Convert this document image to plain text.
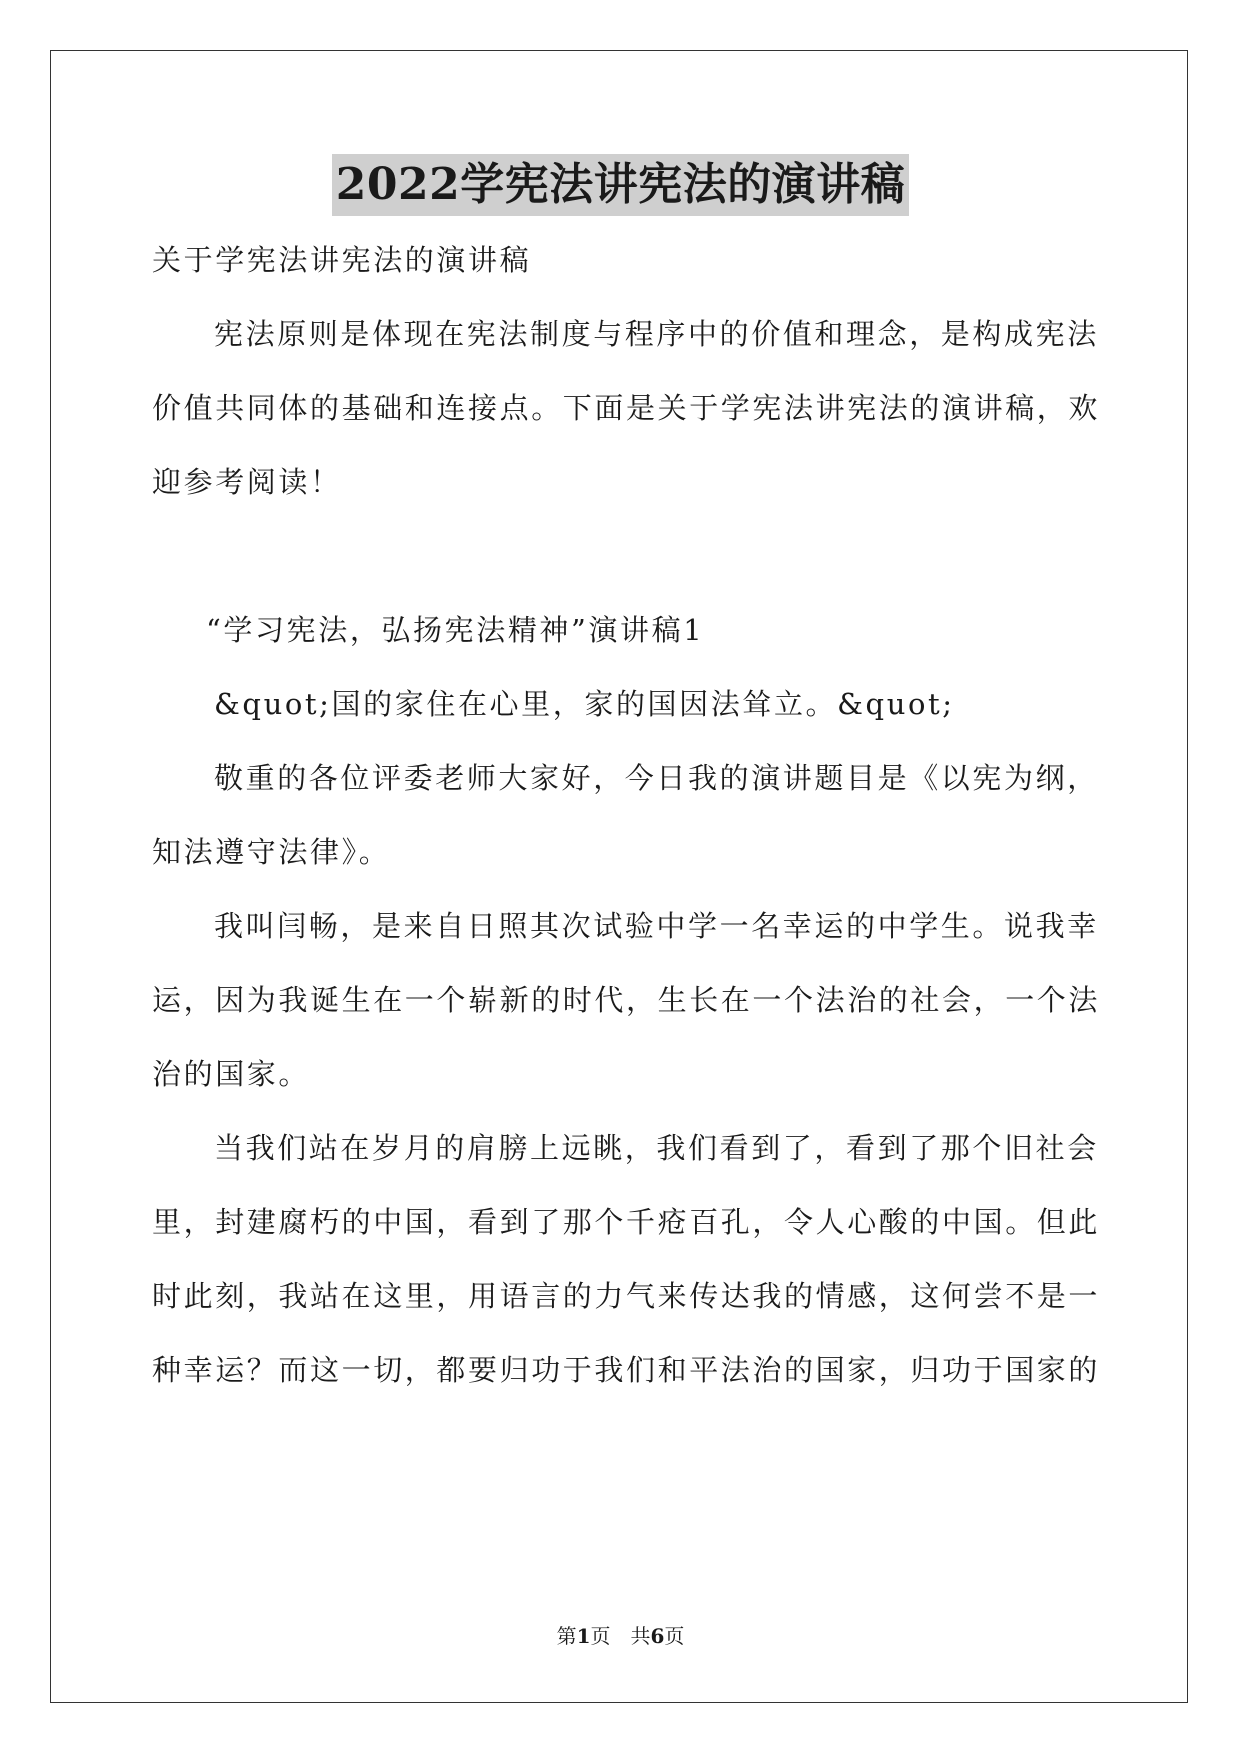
2022学宪法讲宪法的演讲稿
关于学宪法讲宪法的演讲稿
宪法原则是体现在宪法制度与程序中的价值和理念，是构成宪法
价值共同体的基础和连接点。下面是关于学宪法讲宪法的演讲稿，欢
迎参考阅读！
“学习宪法，弘扬宪法精神”演讲稿1
&quot;国的家住在心里，家的国因法耸立。&quot;
敬重的各位评委老师大家好，今日我的演讲题目是《以宪为纲，
知法遵守法律》。
我叫闫畅，是来自日照其次试验中学一名幸运的中学生。说我幸
运，因为我诞生在一个崭新的时代，生长在一个法治的社会，一个法
治的国家。
当我们站在岁月的肩膀上远眺，我们看到了，看到了那个旧社会
里，封建腐朽的中国，看到了那个千疮百孔，令人心酸的中国。但此
时此刻，我站在这里，用语言的力气来传达我的情感，这何尝不是一
种幸运？而这一切，都要归功于我们和平法治的国家，归功于国家的
第1页　共6页
